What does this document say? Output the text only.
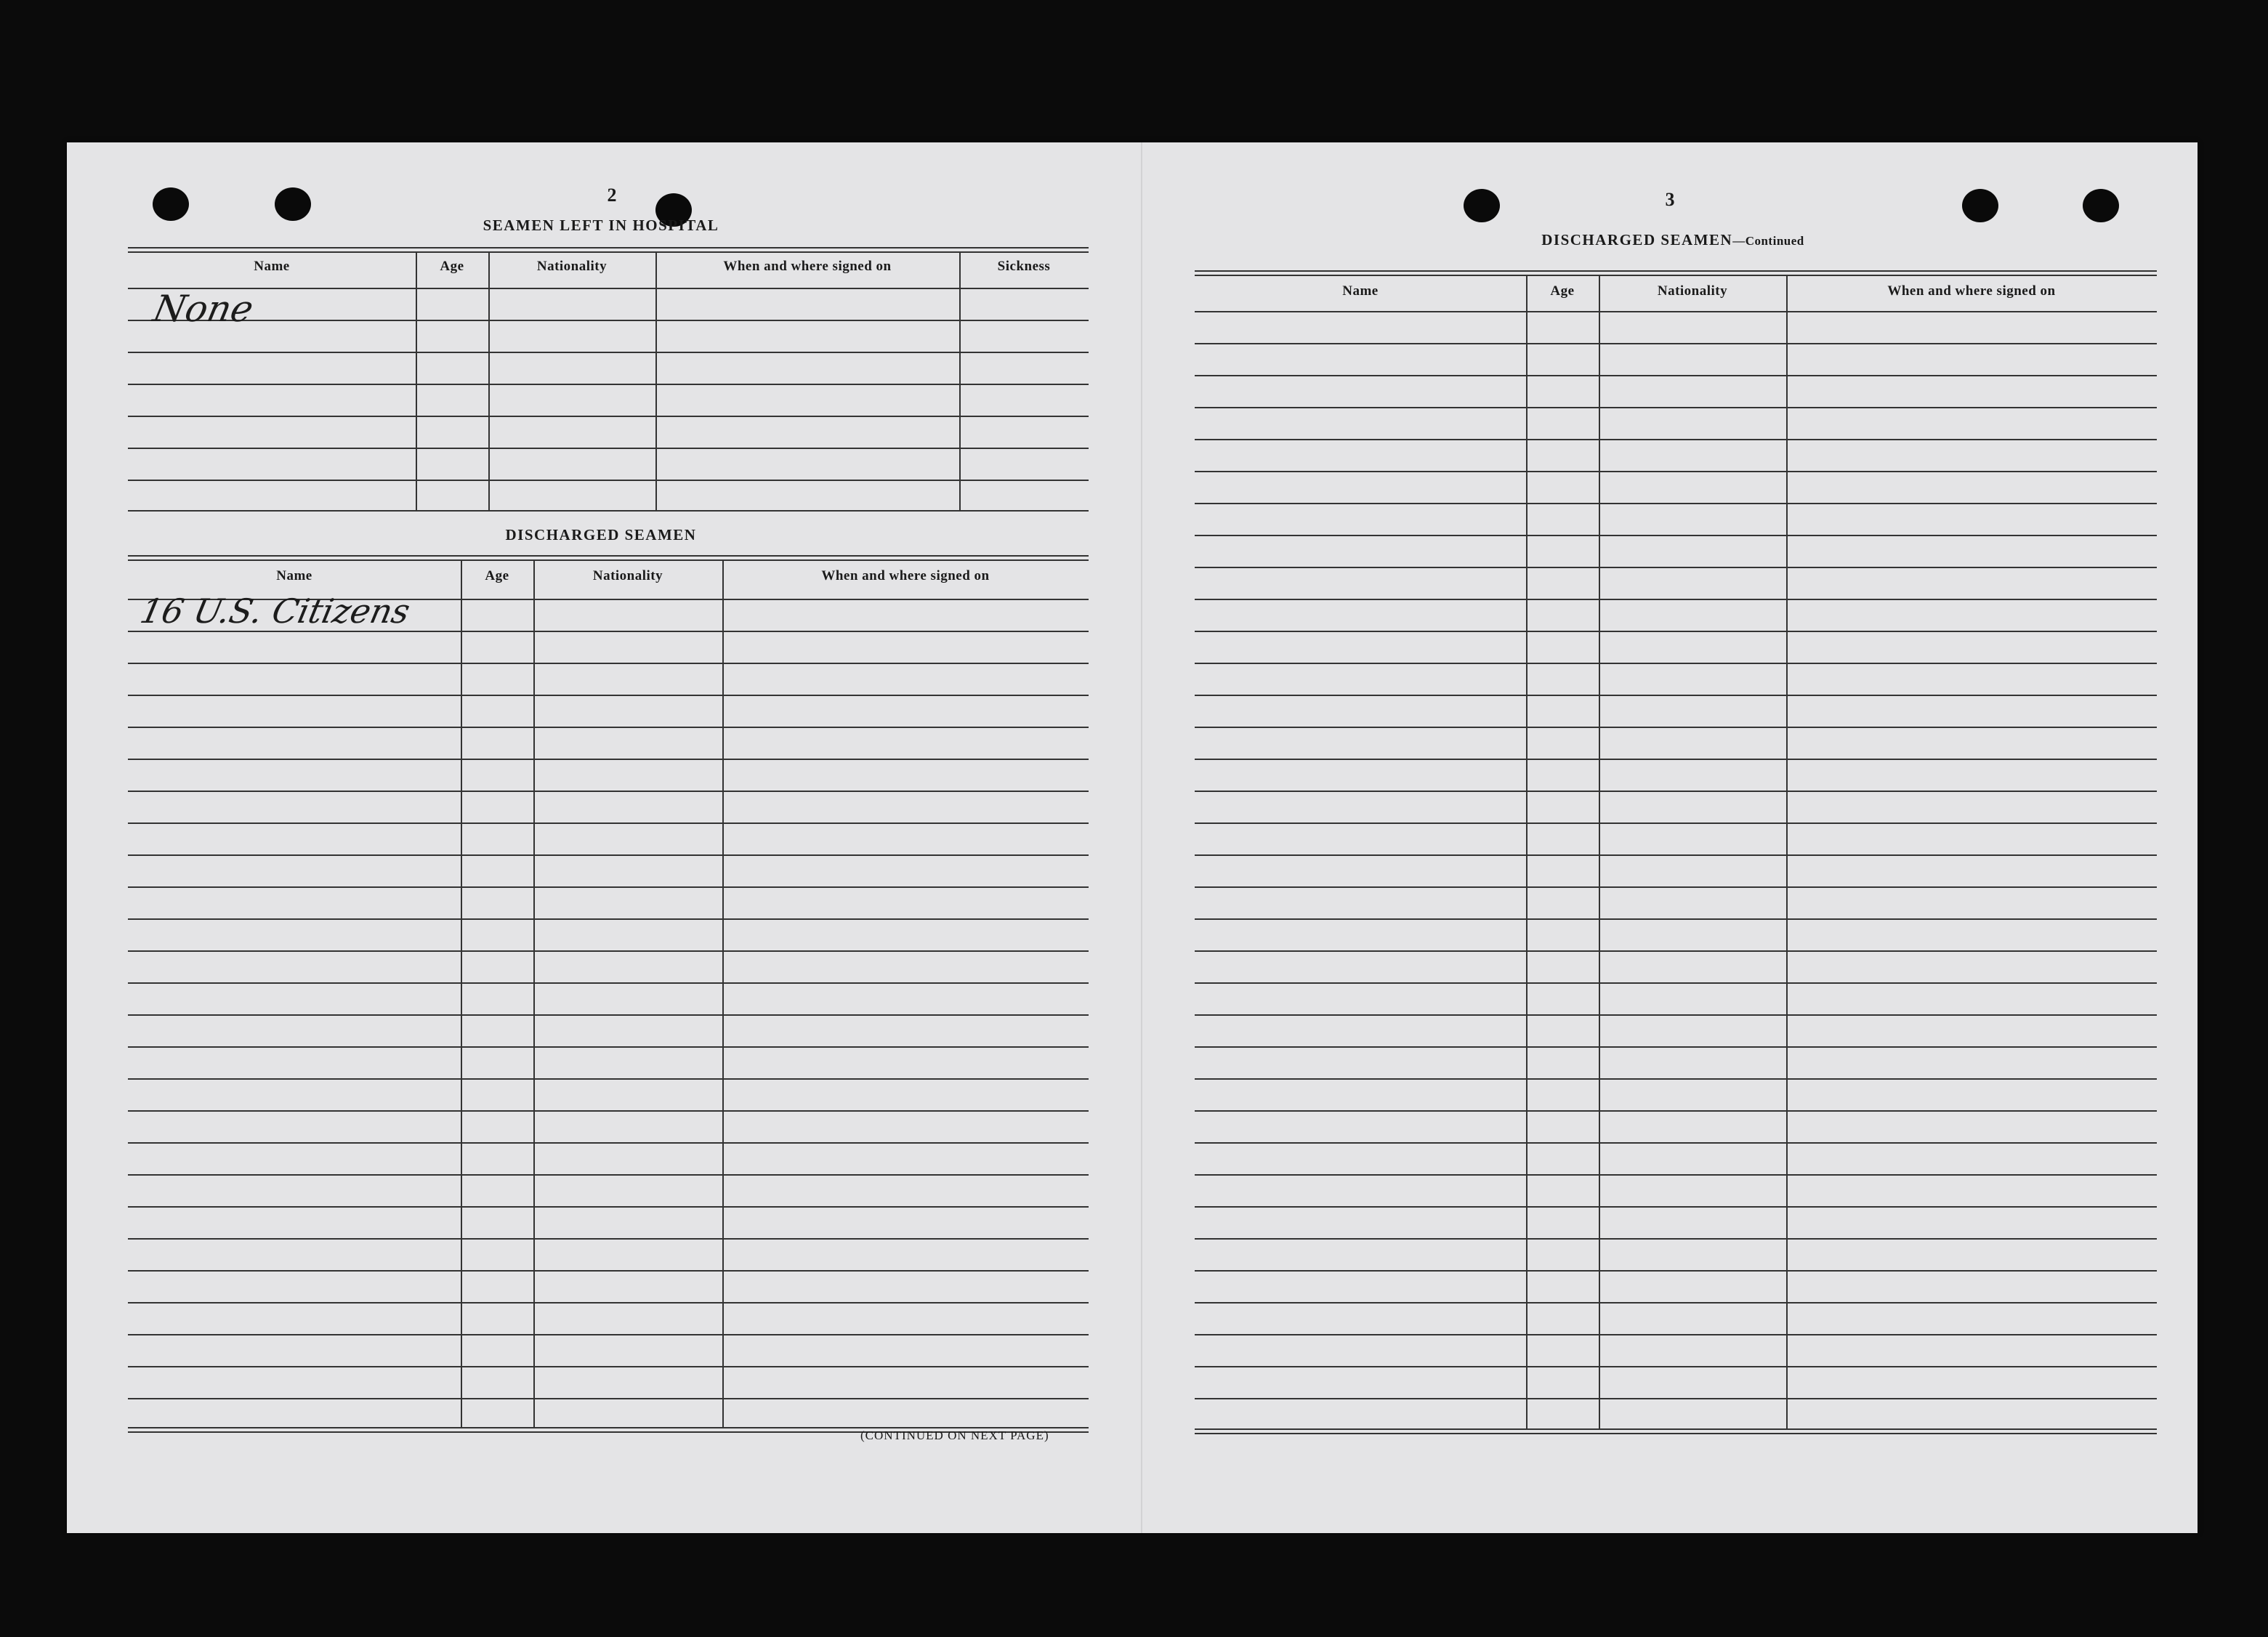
2
SEAMEN LEFT IN HOSPITAL
Name	Age	Nationality	When and where signed on	Sickness
None
DISCHARGED SEAMEN
Name	Age	Nationality	When and where signed on
16 U.S. Citizens
(CONTINUED ON NEXT PAGE)
3
DISCHARGED SEAMEN—Continued
Name	Age	Nationality	When and where signed on
